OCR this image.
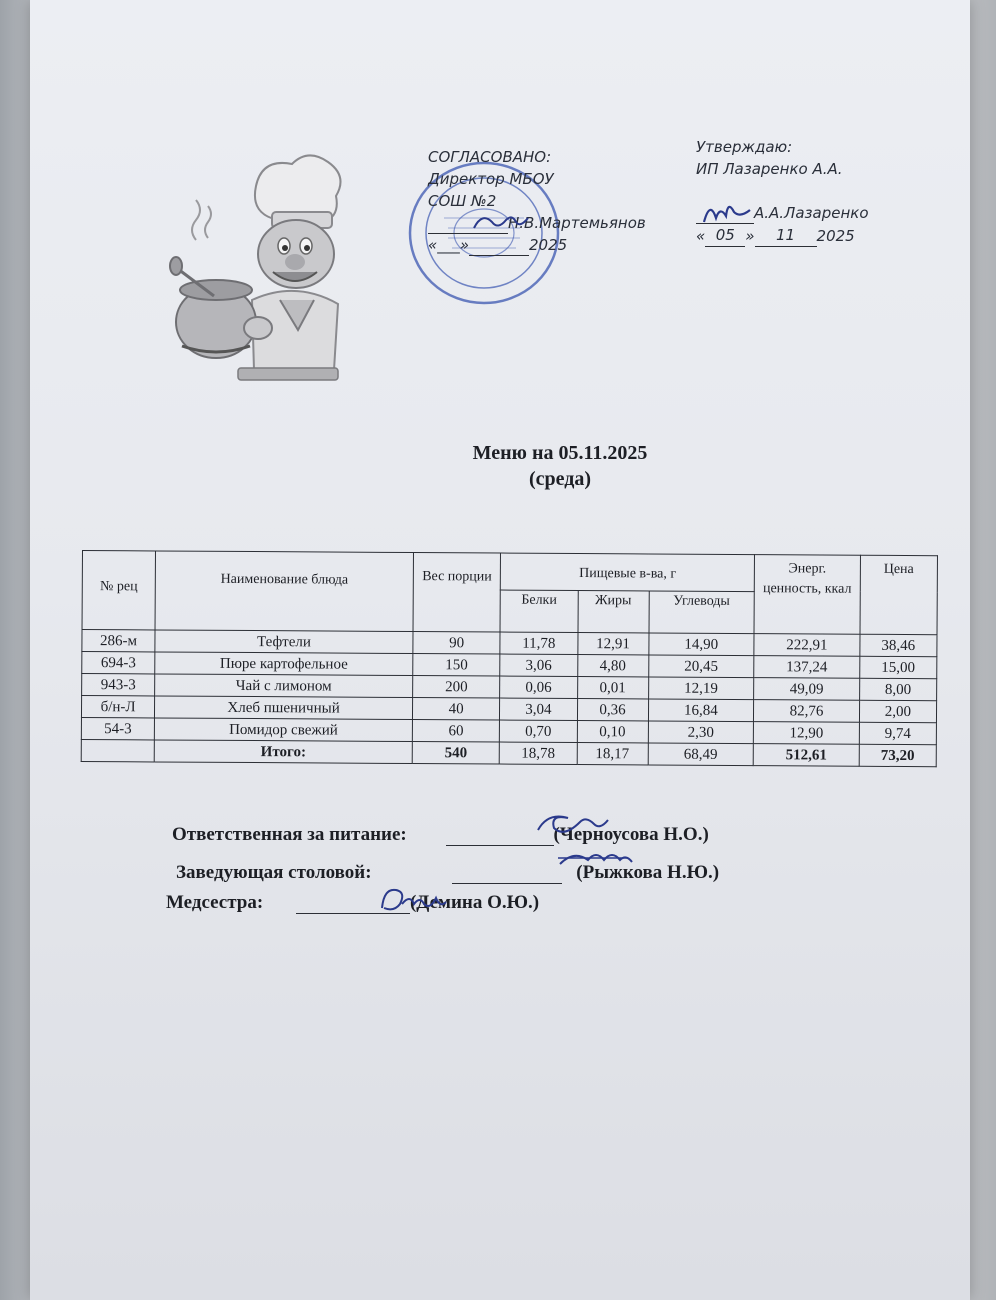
СОГЛАСОВАНО:
Директор МБОУ
СОШ №2
Н.В.Мартемьянов
«___»	2025
Утверждаю:
ИП Лазаренко А.А.
А.А.Лазаренко
« 05 » 11 2025
Меню на 05.11.2025
(среда)
№ рец	Наименование блюда	Вес порции	Пищевые в-ва, г			Энерг. ценность, ккал	Цена
			Белки	Жиры	Углеводы		
286-м	Тефтели	90	11,78	12,91	14,90	222,91	38,46
694-3	Пюре картофельное	150	3,06	4,80	20,45	137,24	15,00
943-3	Чай с лимоном	200	0,06	0,01	12,19	49,09	8,00
б/н-Л	Хлеб пшеничный	40	3,04	0,36	16,84	82,76	2,00
54-3	Помидор свежий	60	0,70	0,10	2,30	12,90	9,74
	Итого:	540	18,78	18,17	68,49	512,61	73,20
Ответственная за питание:	(Черноусова Н.О.)
Заведующая столовой:	(Рыжкова Н.Ю.)
Медсестра:	(Демина О.Ю.)
